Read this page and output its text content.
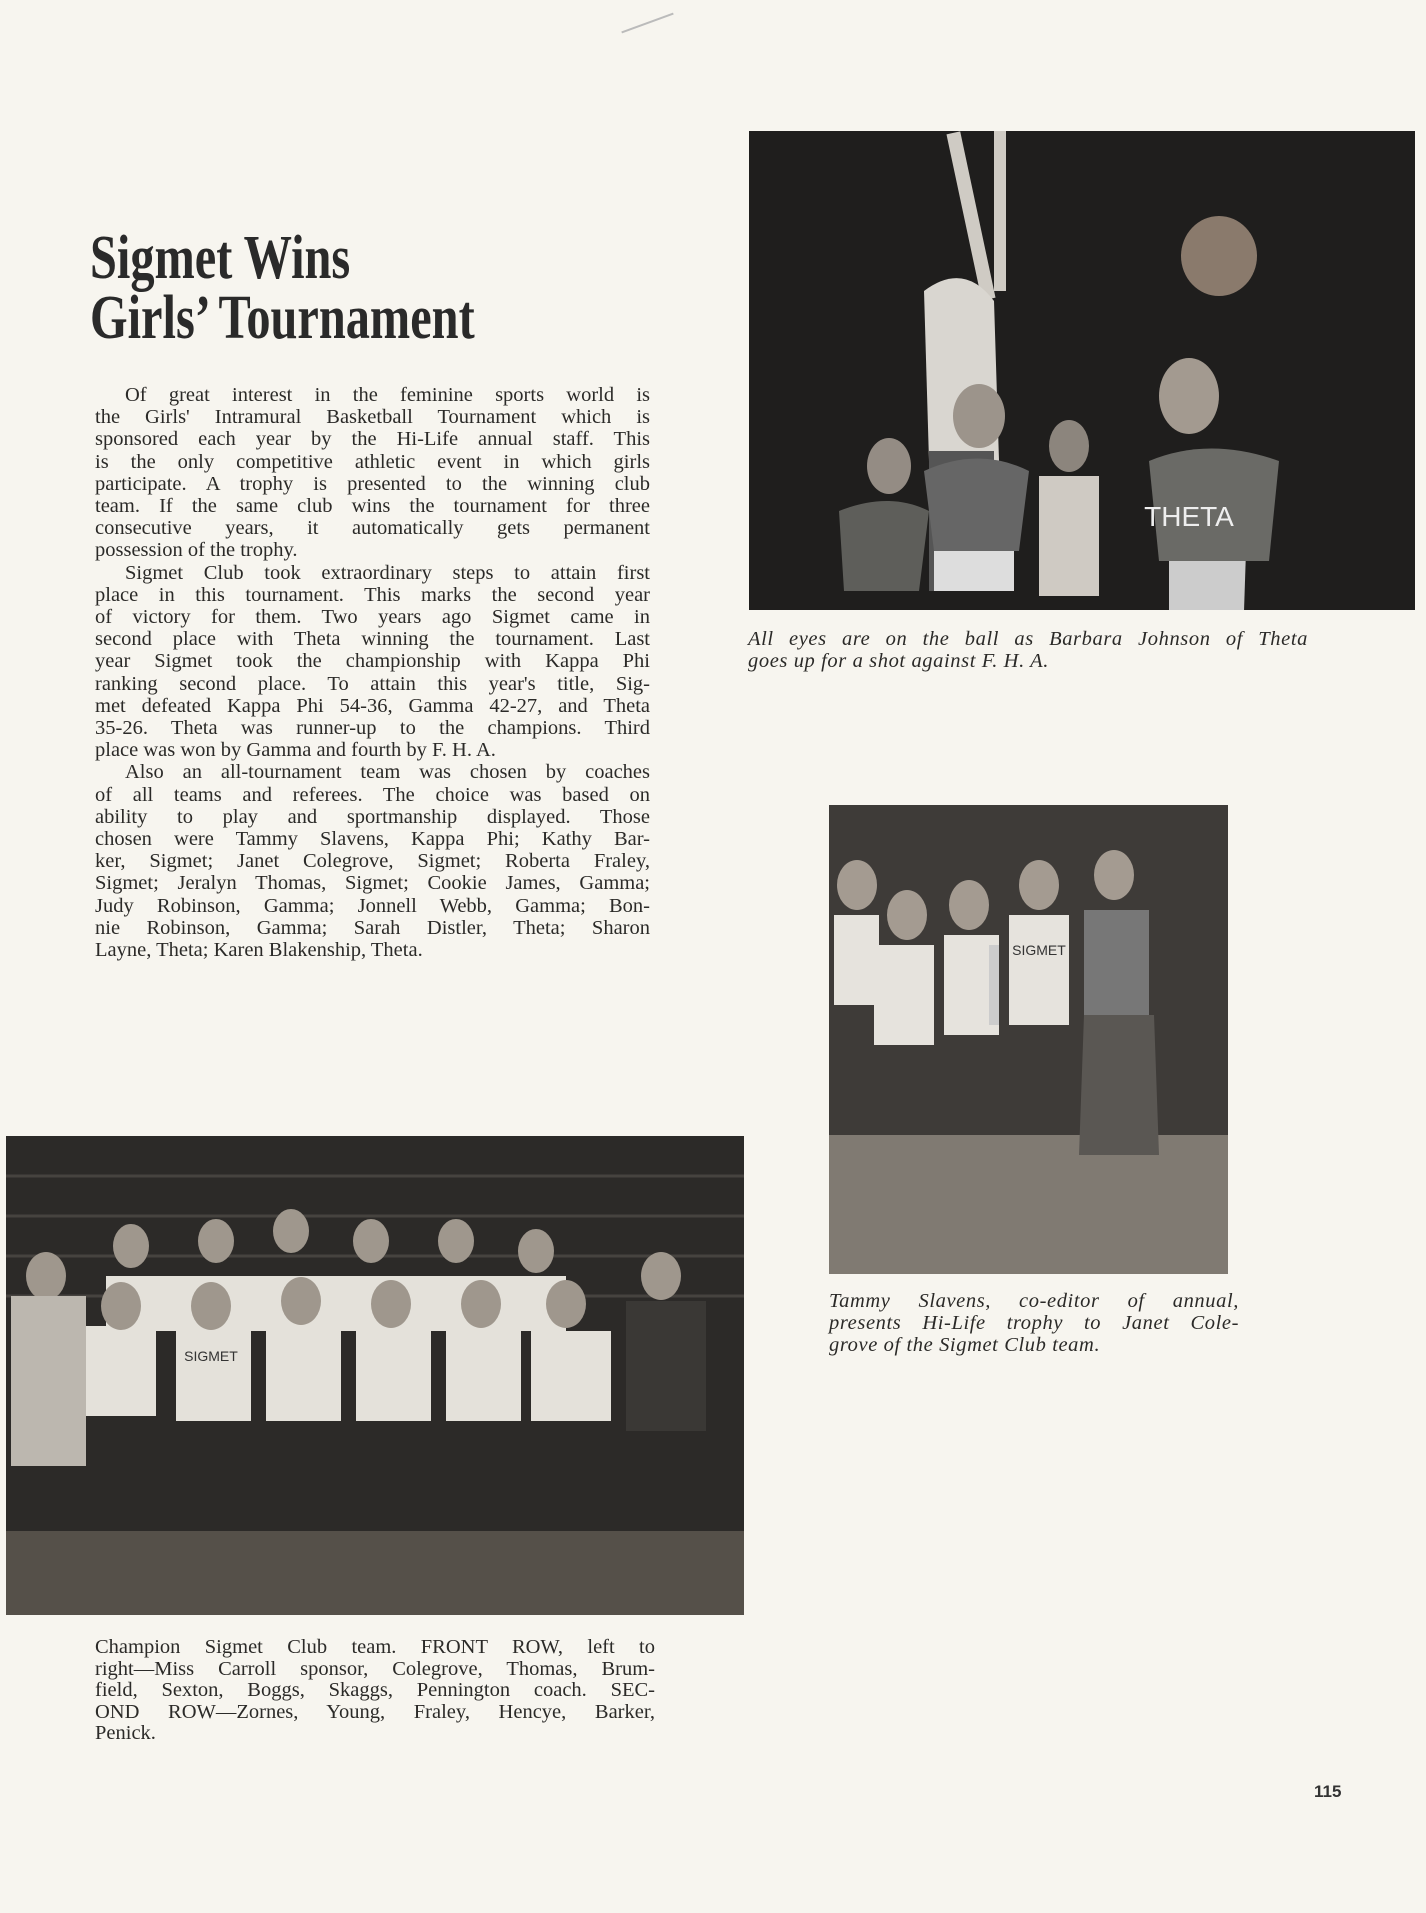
Sigmet Wins
Girls’ Tournament
Of great interest in the feminine sports world is
the Girls' Intramural Basketball Tournament which is
sponsored each year by the Hi-Life annual staff. This
is the only competitive athletic event in which girls
participate. A trophy is presented to the winning club
team. If the same club wins the tournament for three
consecutive years, it automatically gets permanent
possession of the trophy.
Sigmet Club took extraordinary steps to attain first
place in this tournament. This marks the second year
of victory for them. Two years ago Sigmet came in
second place with Theta winning the tournament. Last
year Sigmet took the championship with Kappa Phi
ranking second place. To attain this year's title, Sig-
met defeated Kappa Phi 54-36, Gamma 42-27, and Theta
35-26. Theta was runner-up to the champions. Third
place was won by Gamma and fourth by F. H. A.
Also an all-tournament team was chosen by coaches
of all teams and referees. The choice was based on
ability to play and sportmanship displayed. Those
chosen were Tammy Slavens, Kappa Phi; Kathy Bar-
ker, Sigmet; Janet Colegrove, Sigmet; Roberta Fraley,
Sigmet; Jeralyn Thomas, Sigmet; Cookie James, Gamma;
Judy Robinson, Gamma; Jonnell Webb, Gamma; Bon-
nie Robinson, Gamma; Sarah Distler, Theta; Sharon
Layne, Theta; Karen Blakenship, Theta.
THETA
All eyes are on the ball as Barbara Johnson of Theta
goes up for a shot against F. H. A.
SIGMET
Tammy Slavens, co-editor of annual,
presents Hi-Life trophy to Janet Cole-
grove of the Sigmet Club team.
SIGMET
Champion Sigmet Club team. FRONT ROW, left to
right—Miss Carroll sponsor, Colegrove, Thomas, Brum-
field, Sexton, Boggs, Skaggs, Pennington coach. SEC-
OND ROW—Zornes, Young, Fraley, Hencye, Barker,
Penick.
115
